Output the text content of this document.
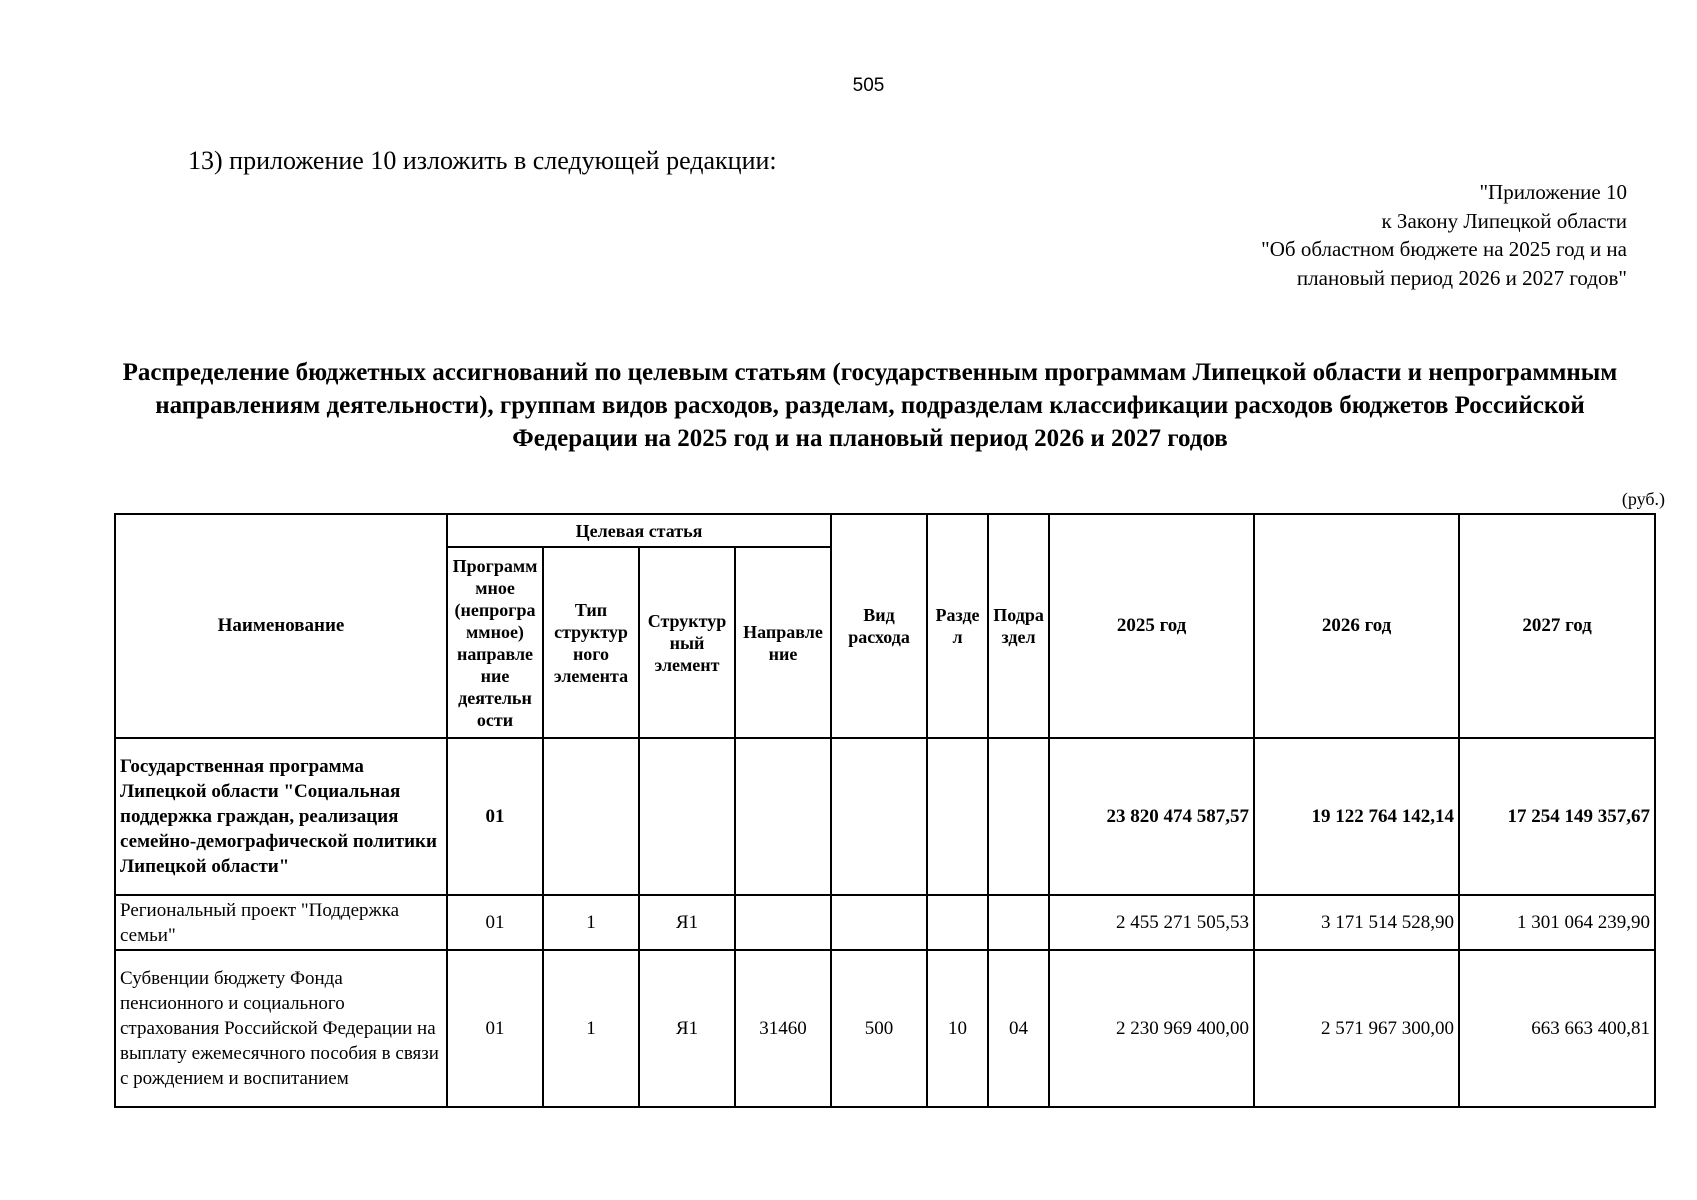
505
13) приложение 10 изложить в следующей редакции:
"Приложение 10
к Закону Липецкой области
"Об областном бюджете на 2025 год и на
плановый период 2026 и 2027 годов"
Распределение бюджетных ассигнований по целевым статьям (государственным программам Липецкой области и непрограммным направлениям деятельности), группам видов расходов, разделам, подразделам классификации расходов бюджетов Российской Федерации на 2025 год и на плановый период 2026 и 2027 годов
(руб.)
Наименование	Целевая статья				Вид расхода	Разде л	Подра здел	2025 год	2026 год	2027 год
	Программ мное (непрогра ммное) направле ние деятельн ости	Тип структур ного элемента	Структур ный элемент	Направле ние						
Государственная программа Липецкой области "Социальная поддержка граждан, реализация семейно-демографической политики Липецкой области"	01							23 820 474 587,57	19 122 764 142,14	17 254 149 357,67
Региональный проект "Поддержка семьи"	01	1	Я1					2 455 271 505,53	3 171 514 528,90	1 301 064 239,90
Субвенции бюджету Фонда пенсионного и социального страхования Российской Федерации на выплату ежемесячного пособия в связи с рождением и воспитанием	01	1	Я1	31460	500	10	04	2 230 969 400,00	2 571 967 300,00	663 663 400,81
